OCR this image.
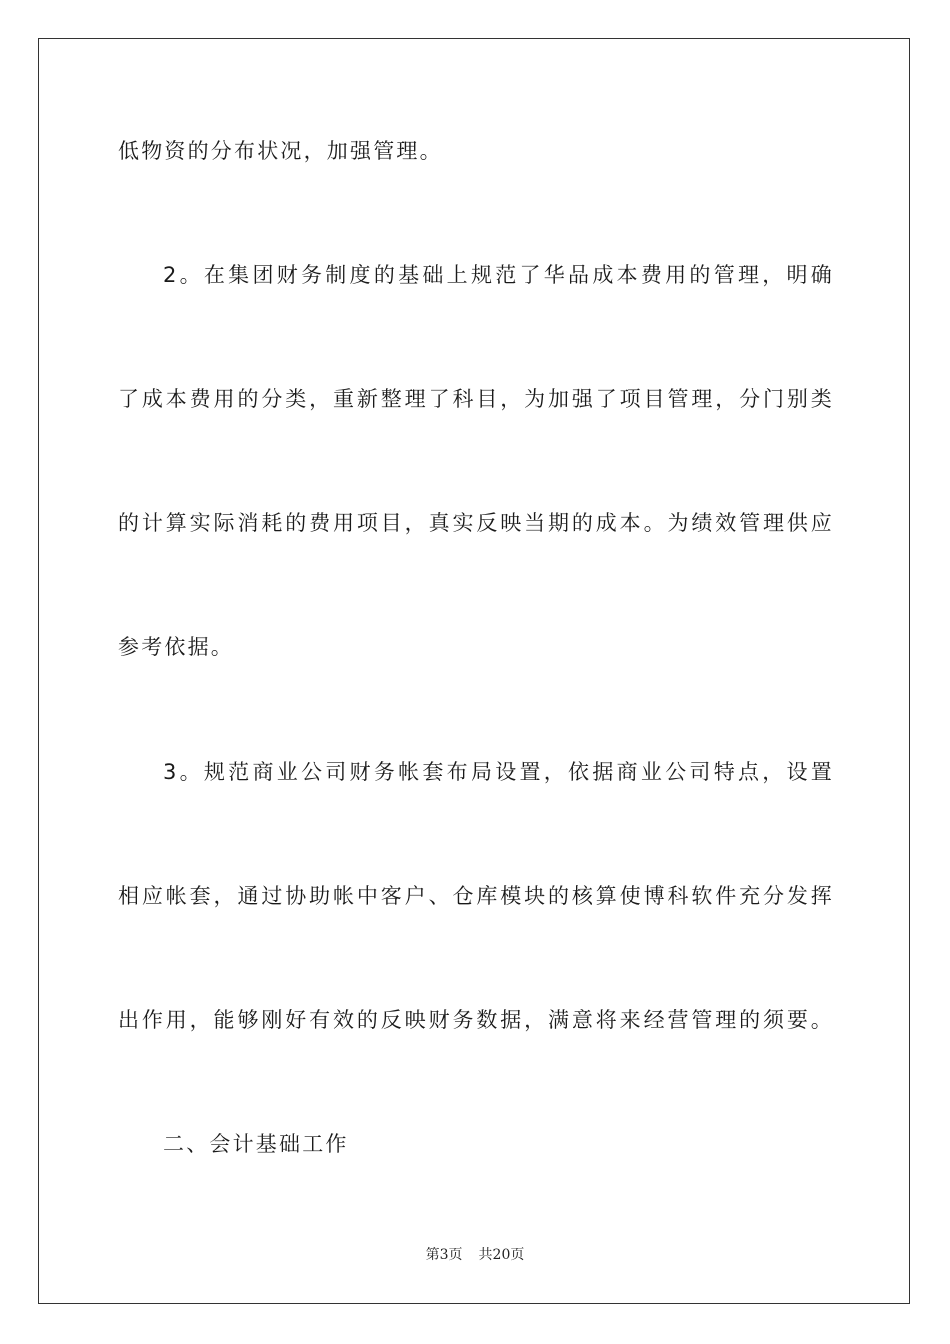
低物资的分布状况，加强管理。

2。在集团财务制度的基础上规范了华品成本费用的管理，明确

了成本费用的分类，重新整理了科目，为加强了项目管理，分门别类

的计算实际消耗的费用项目，真实反映当期的成本。为绩效管理供应

参考依据。

3。规范商业公司财务帐套布局设置，依据商业公司特点，设置

相应帐套，通过协助帐中客户、仓库模块的核算使博科软件充分发挥

出作用，能够刚好有效的反映财务数据，满意将来经营管理的须要。

二、会计基础工作

第3页 共20页
